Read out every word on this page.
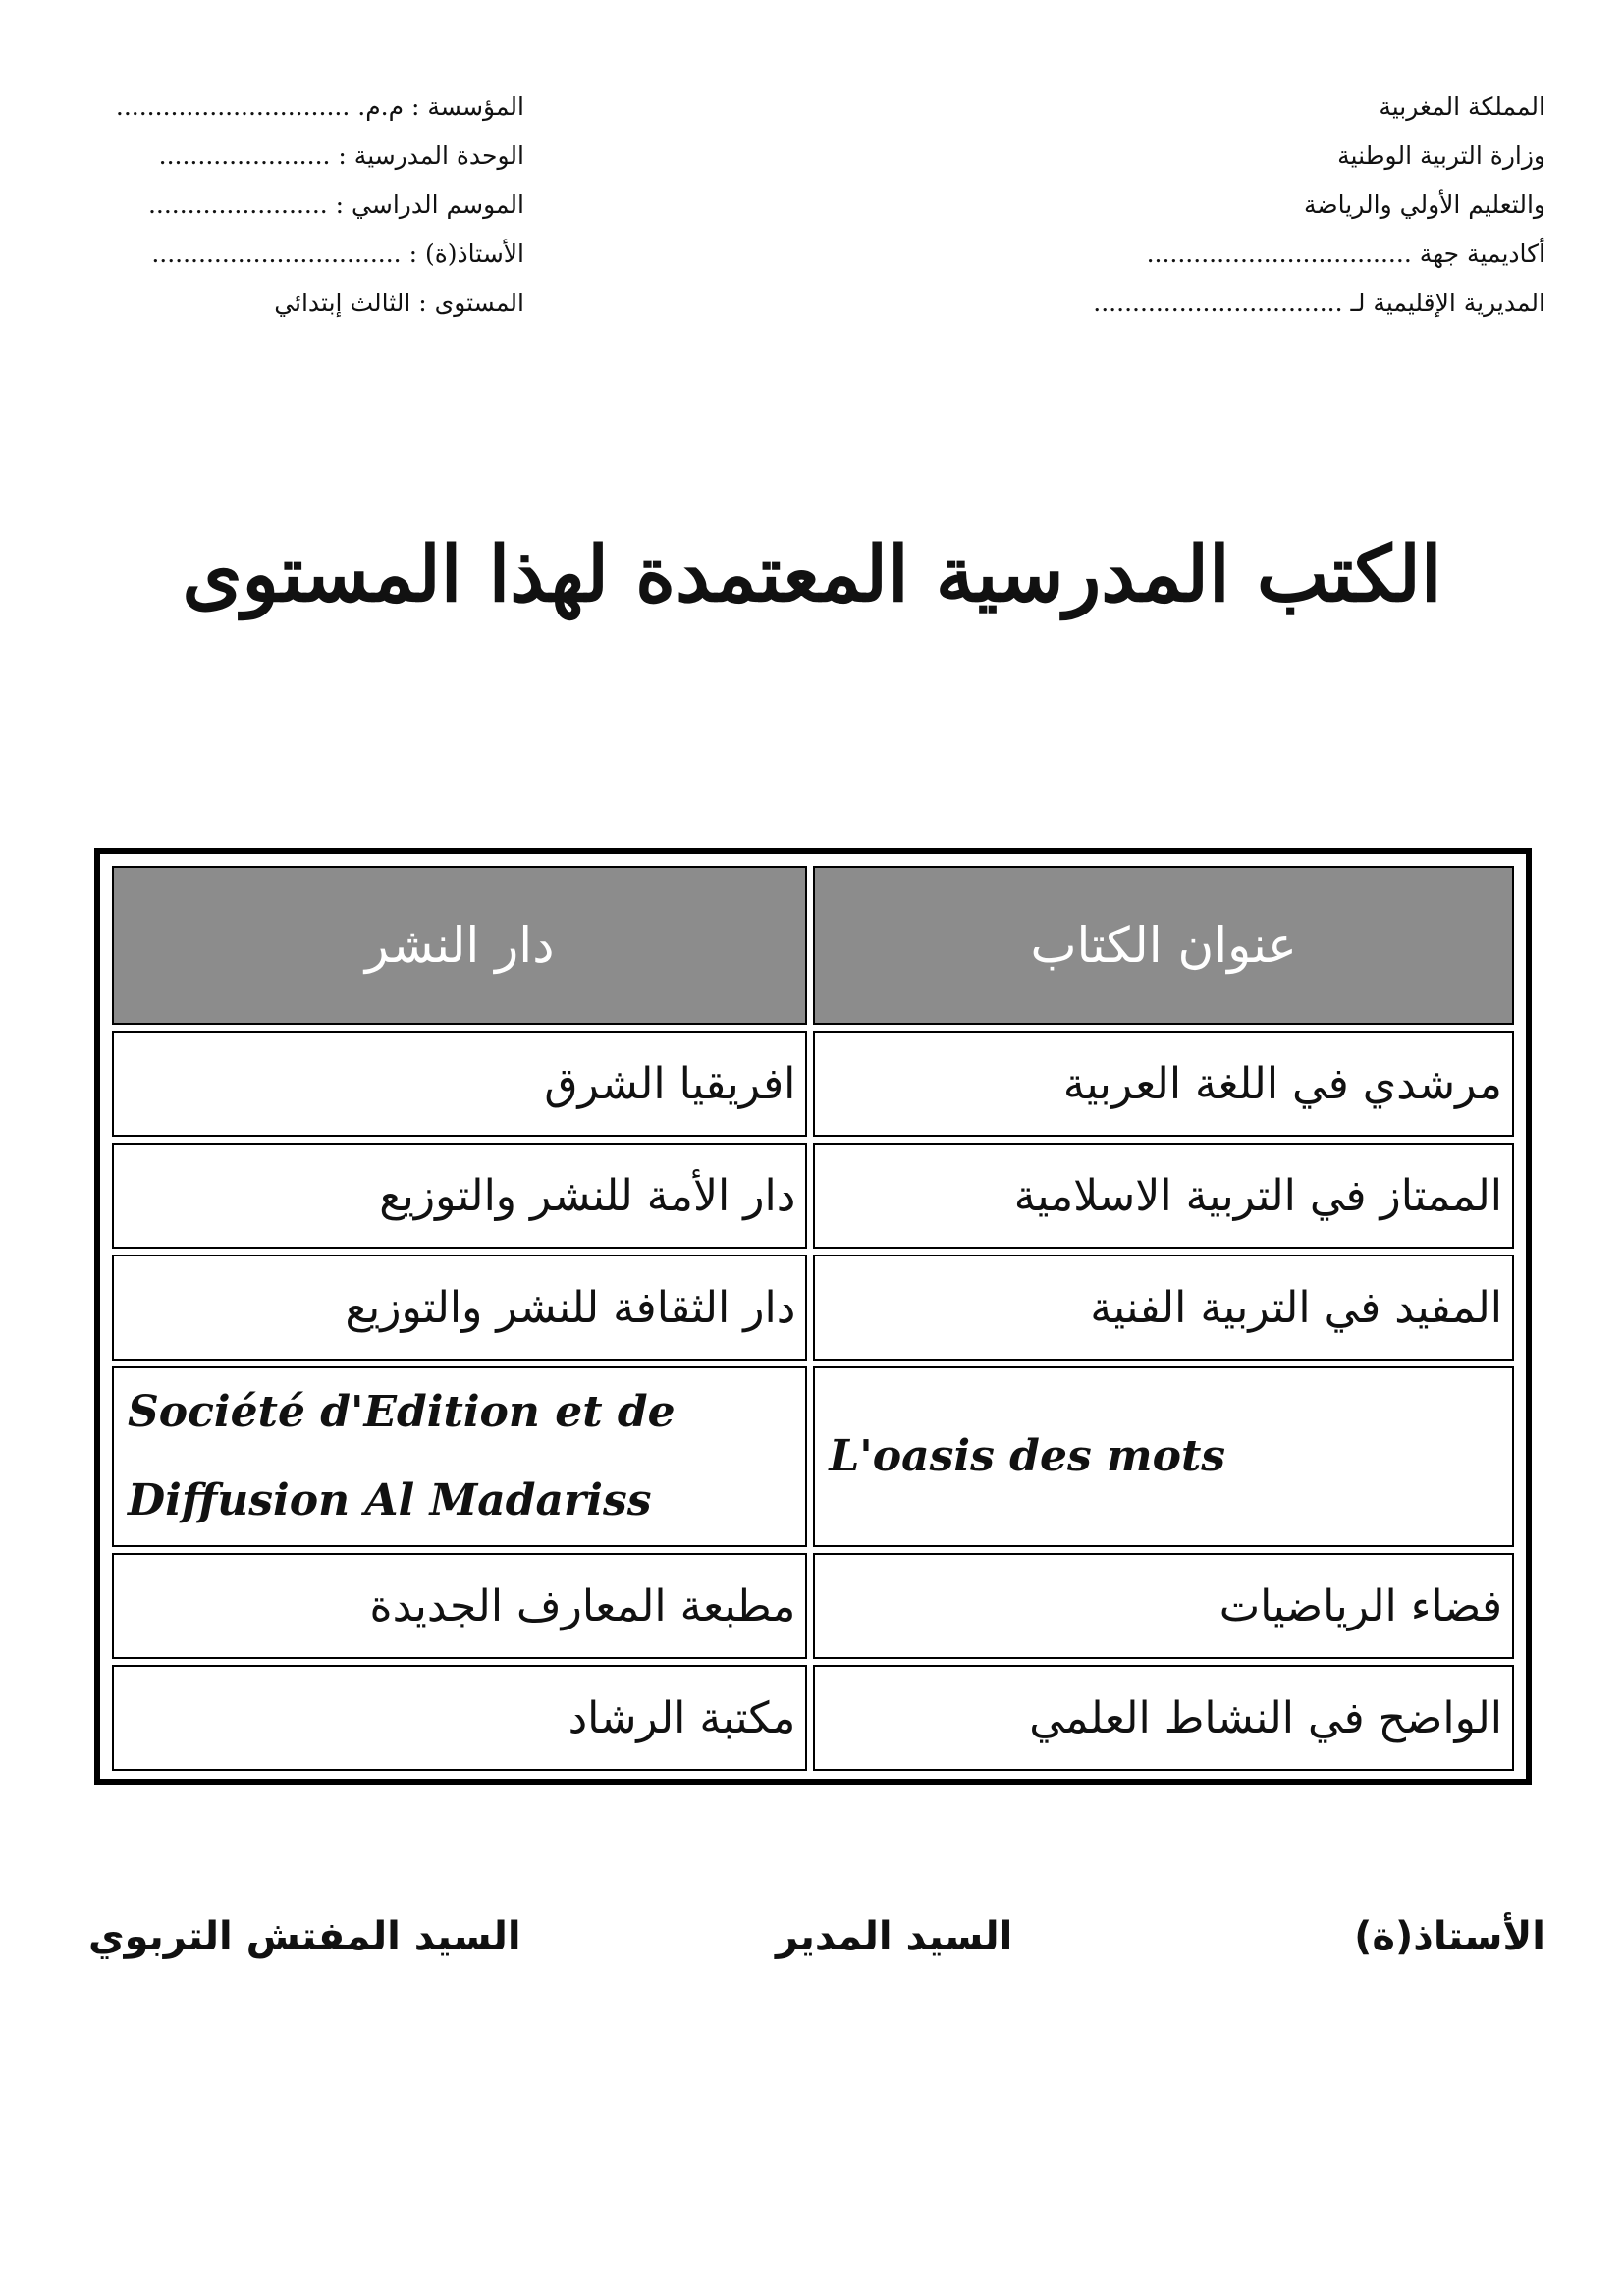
المملكة المغربية
وزارة التربية الوطنية
والتعليم الأولي والرياضة
أكاديمية جهة ..................................
المديرية الإقليمية لـ ................................
المؤسسة : م.م. ..............................
الوحدة المدرسية : ......................
الموسم الدراسي : .......................
الأستاذ(ة) : ................................
المستوى : الثالث إبتدائي
الكتب المدرسية المعتمدة لهذا المستوى
عنوان الكتاب	دار النشر
مرشدي في اللغة العربية	افريقيا الشرق
الممتاز في التربية الاسلامية	دار الأمة للنشر والتوزيع
المفيد في التربية الفنية	دار الثقافة للنشر والتوزيع
L'oasis des mots	Société d'Edition et de Diffusion Al Madariss
فضاء الرياضيات	مطبعة المعارف الجديدة
الواضح في النشاط العلمي	مكتبة الرشاد
الأستاذ(ة)
السيد المدير
السيد المفتش التربوي
